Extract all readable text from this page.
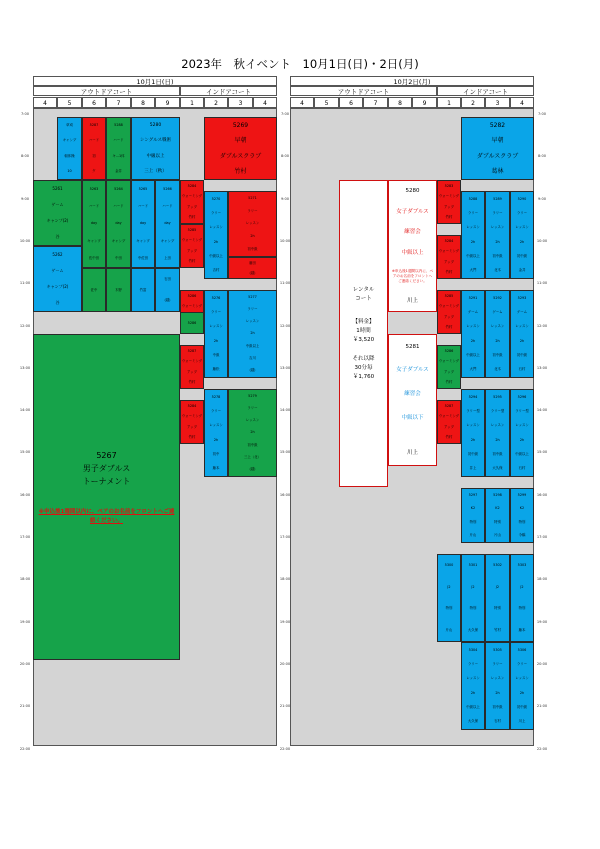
2023年　秋イベント　10月1日(日)・2日(月)
10月1日(日)
アウトドアコート	インドアコート
4	5	6	7	8	9	1	2	3	4
10月2日(月)
アウトドアコート	インドアコート
4	5	6	7	8	9	1	2	3	4
7:00	7:00	7:00
8:00	8:00	8:00
9:00	9:00	9:00
10:00	10:00	10:00
11:00	11:00	11:00
12:00	12:00	12:00
13:00	13:00	13:00
14:00	14:00	14:00
15:00	15:00	15:00
16:00	16:00	16:00
17:00	17:00	17:00
18:00	18:00	18:00
19:00	19:00	19:00
20:00	20:00	20:00
21:00	21:00	21:00
22:00	22:00	22:00
草刈
キャンプ
朝体操
10
5287
ハード
初
夕
5288
ハード
キ...1体
金井
5280
シングルス戦術
中級以上
三上（秋）
5269
早朝
ダブルスクラブ
竹村
5261
ゲーム
キャンプ(2)
谷
5262
ゲーム
キャンプ(2)
谷
5263
ハード
day
キャンプ
佐中田
5264
ハード
day
キャンプ
中田
5265
ハード
day
キャンプ
中佐田
5266
ハード
day
キャンプ
上田
佐中	木野	竹富
石田
(越)
5267
男子ダブルス
トーナメント
※申込後1週間以内に、ペアのお名前をフロントへご連絡ください。
5284
ウォーミング
アップ
竹村
5285
ウォーミング
アップ
竹村
5286
ウォーミング
5287
ウォーミング
アップ
竹村
5284
ウォーミング
アップ
竹村
5286
5271
ラリー
レッスン
2h
初中級
5270
ラリー
レッスン
2h
中級以上
吉村
藤田
(越)
5276
ラリー
レッスン
2h
中級
藤松
5277
ラリー
レッスン
2h
中級以上
吉川
(越)
5278
ラリー
レッスン
2h
初中
藤本
5279
ラリー
レッスン
2h
初中級
三上（北）
(越)
レンタル
コート
【料金】
1時間
￥3,520
それ以降
30分毎
￥1,760
5280
女子ダブルス
練習会
中級以上
※申込後1週間以内に、ペアのお名前をフロントへご連絡ください。
川上
5281
女子ダブルス
練習会
中級以下
川上
5282
早朝
ダブルスクラブ
葛林
5283
ウォーミング
アップ
竹村
5284
ウォーミング
アップ
竹村
5285
ウォーミング
アップ
竹村
5286
ウォーミング
アップ
竹村
5287
ウォーミング
アップ
竹村
5288
ラリー
レッスン
2h
中級以上
大門
5289
ラリー
レッスン
2h
初中級
北木
5290
ラリー
レッスン
2h
初中級
金井
5291
ゲーム
レッスン
2h
中級以上
大門
5292
ゲーム
レッスン
2h
初中級
北木
5293
ゲーム
レッスン
2h
初中級
石村
5294
ラリー型
レッスン
2h
初中級
井上
5295
ラリー型
レッスン
2h
初中級
大久保
5296
ラリー型
レッスン
2h
中級以上
石村
5297
K2
特別
片山
5298
K2
特別
片山
5299
K2
特別
今橋
5300
J2
特別
片山
5301
J2
特別
大久保
5302
J2
特別
竹村
5303
J2
特別
藤本
5304
ラリー
レッスン
2h
中級以上
大久保
5305
ラリー
レッスン
2h
初中級
石村
5306
ラリー
レッスン
2h
初中級
川上
